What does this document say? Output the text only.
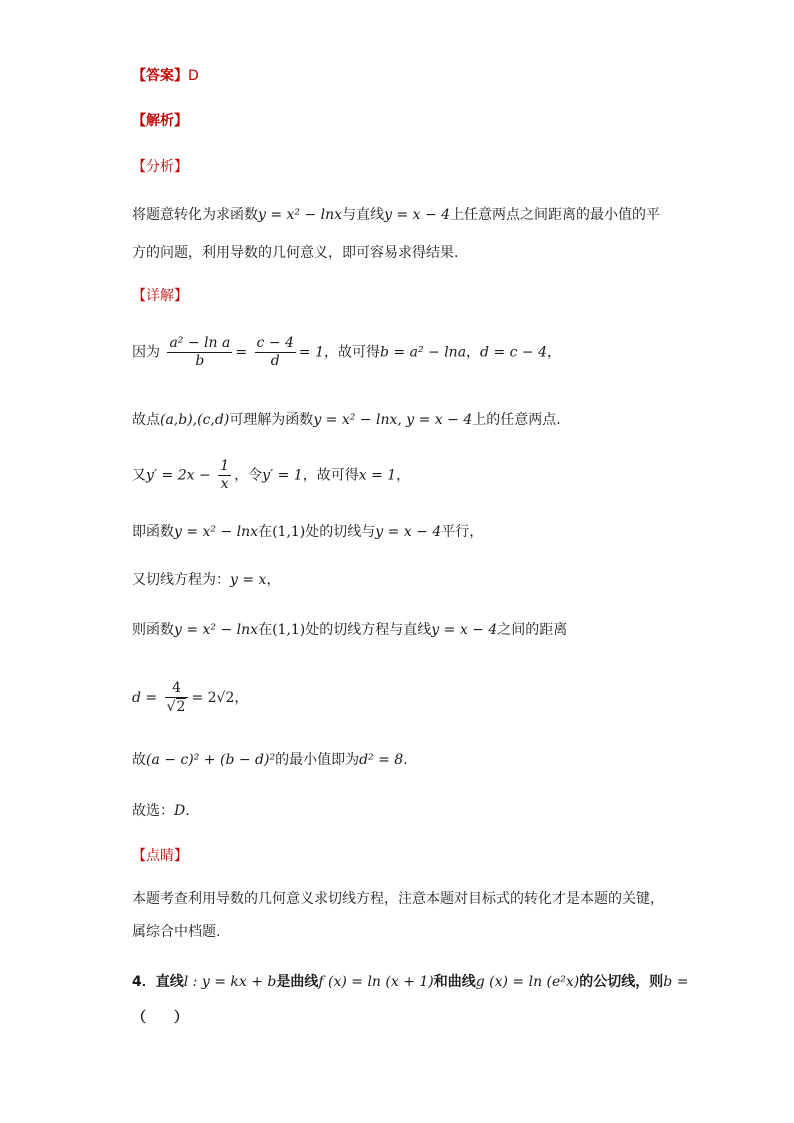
【答案】D
【解析】
【分析】
将题意转化为求函数y = x² − lnx与直线y = x − 4上任意两点之间距离的最小值的平
方的问题，利用导数的几何意义，即可容易求得结果.
【详解】
因为 $\frac{\text{a² − ln a}}{b} = \frac{c - 4}{d} = 1$，故可得b = a² − lna，d = c − 4，
故点(a,b),(c,d)可理解为函数y = x² − lnx, y = x − 4上的任意两点.
又$y' = 2x - \frac{1}{x}$ ，令y′ = 1，故可得x = 1，
即函数y = x² − lnx在(1,1)处的切线与y = x − 4平行，
又切线方程为：y = x，
则函数y = x² − lnx在(1,1)处的切线方程与直线y = x − 4之间的距离
$d = \frac{4}{√2} = 2√2$，
故(a − c)² + (b − d)²的最小值即为d² = 8.
故选：D.
【点睛】
本题考查利用导数的几何意义求切线方程，注意本题对目标式的转化才是本题的关键，
属综合中档题.
4．直线l : y = kx + b是曲线f (x) = ln (x + 1)和曲线g (x) = ln (e²x)的公切线，则b =
（　　）
